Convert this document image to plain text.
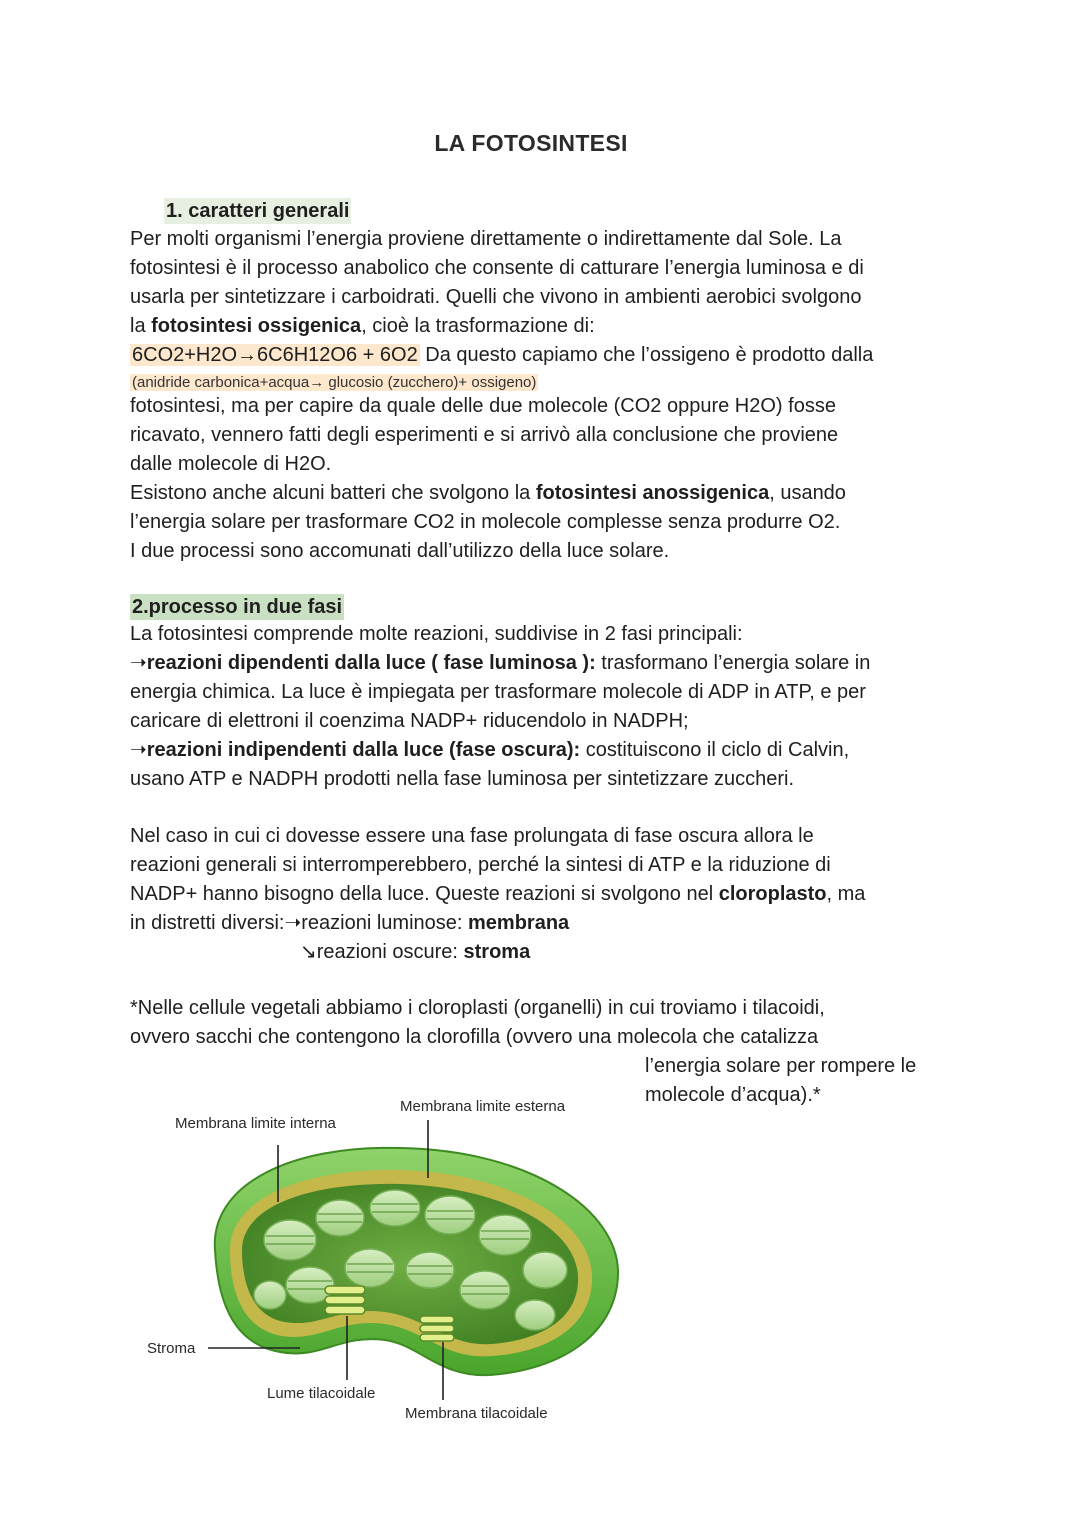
LA FOTOSINTESI
1. caratteri generali
Per molti organismi l’energia proviene direttamente o indirettamente dal Sole. La
fotosintesi è il processo anabolico che consente di catturare l’energia luminosa e di
usarla per sintetizzare i carboidrati. Quelli che vivono in ambienti aerobici svolgono
la fotosintesi ossigenica, cioè la trasformazione di:
6CO2+H2O→6C6H12O6 + 6O2 Da questo capiamo che l’ossigeno è prodotto dalla
(anidride carbonica+acqua→ glucosio (zucchero)+ ossigeno)
fotosintesi, ma per capire da quale delle due molecole (CO2 oppure H2O) fosse
ricavato, vennero fatti degli esperimenti e si arrivò alla conclusione che proviene
dalle molecole di H2O.
Esistono anche alcuni batteri che svolgono la fotosintesi anossigenica, usando
l’energia solare per trasformare CO2 in molecole complesse senza produrre O2.
I due processi sono accomunati dall’utilizzo della luce solare.
2.processo in due fasi
La fotosintesi comprende molte reazioni, suddivise in 2 fasi principali:
➝reazioni dipendenti dalla luce ( fase luminosa ): trasformano l’energia solare in
energia chimica. La luce è impiegata per trasformare molecole di ADP in ATP, e per
caricare di elettroni il coenzima NADP+ riducendolo in NADPH;
➝reazioni indipendenti dalla luce (fase oscura): costituiscono il ciclo di Calvin,
usano ATP e NADPH prodotti nella fase luminosa per sintetizzare zuccheri.
Nel caso in cui ci dovesse essere una fase prolungata di fase oscura allora le
reazioni generali si interromperebbero, perché la sintesi di ATP e la riduzione di
NADP+ hanno bisogno della luce. Queste reazioni si svolgono nel cloroplasto, ma
in distretti diversi:➝reazioni luminose: membrana
↘reazioni oscure: stroma
*Nelle cellule vegetali abbiamo i cloroplasti (organelli) in cui troviamo i tilacoidi,
ovvero sacchi che contengono la clorofilla (ovvero una molecola che catalizza
l’energia solare per rompere le
molecole d’acqua).*
Membrana limite interna
Membrana limite esterna
Stroma
Lume tilacoidale
Membrana tilacoidale
